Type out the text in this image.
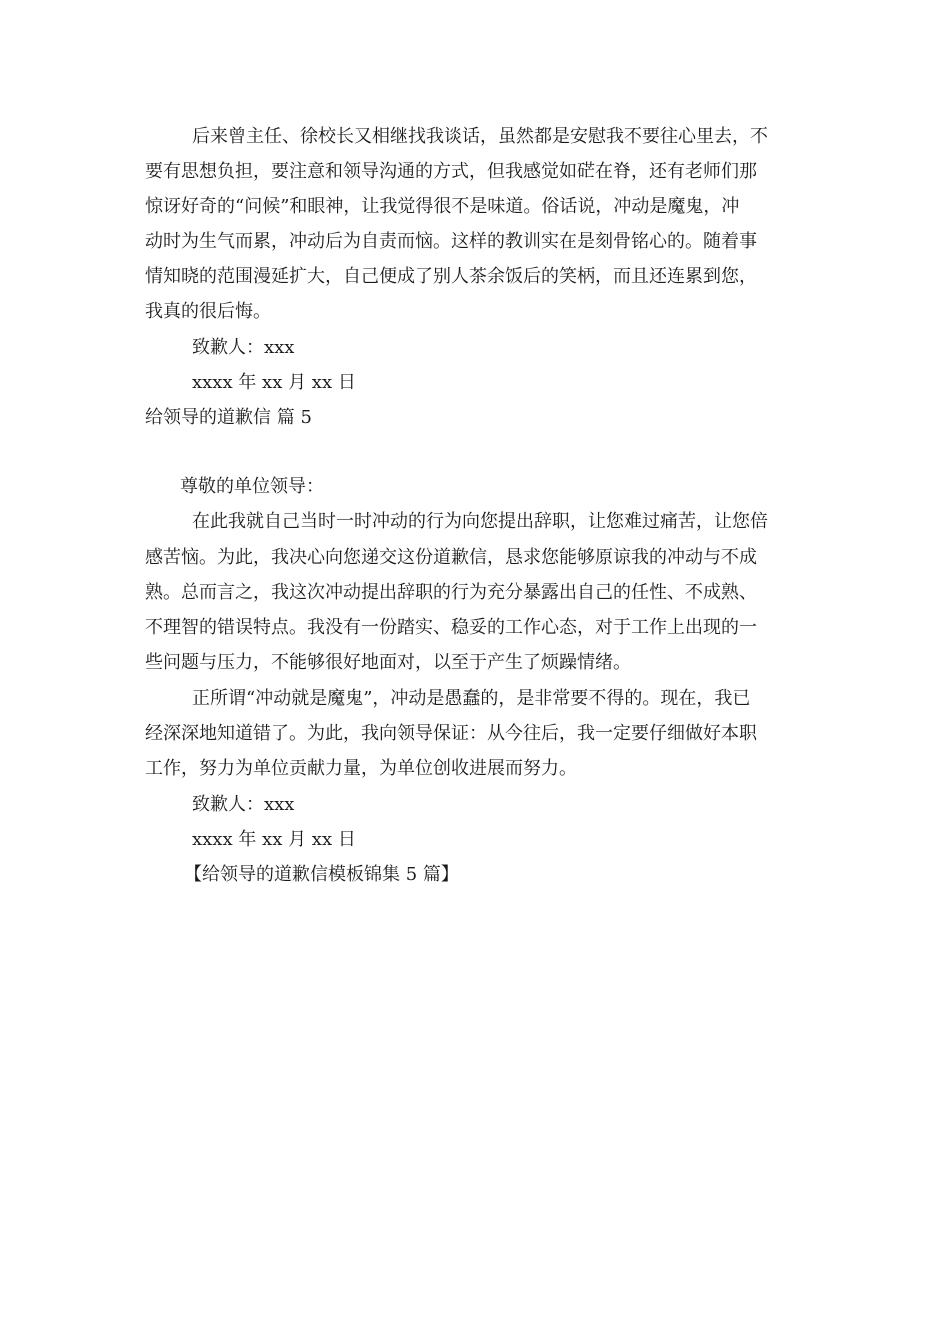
后来曾主任、徐校长又相继找我谈话，虽然都是安慰我不要往心里去，不
要有思想负担，要注意和领导沟通的方式，但我感觉如硭在脊，还有老师们那
惊讶好奇的“问候”和眼神，让我觉得很不是味道。俗话说，冲动是魔鬼，冲
动时为生气而累，冲动后为自责而恼。这样的教训实在是刻骨铭心的。随着事
情知晓的范围漫延扩大，自己便成了别人茶余饭后的笑柄，而且还连累到您，
我真的很后悔。
致歉人：xxx
xxxx 年 xx 月 xx 日
给领导的道歉信 篇 5
尊敬的单位领导：
在此我就自己当时一时冲动的行为向您提出辞职，让您难过痛苦，让您倍
感苦恼。为此，我决心向您递交这份道歉信，恳求您能够原谅我的冲动与不成
熟。总而言之，我这次冲动提出辞职的行为充分暴露出自己的任性、不成熟、
不理智的错误特点。我没有一份踏实、稳妥的工作心态，对于工作上出现的一
些问题与压力，不能够很好地面对，以至于产生了烦躁情绪。
正所谓“冲动就是魔鬼”，冲动是愚蠢的，是非常要不得的。现在，我已
经深深地知道错了。为此，我向领导保证：从今往后，我一定要仔细做好本职
工作，努力为单位贡献力量，为单位创收进展而努力。
致歉人：xxx
xxxx 年 xx 月 xx 日
【给领导的道歉信模板锦集 5 篇】
